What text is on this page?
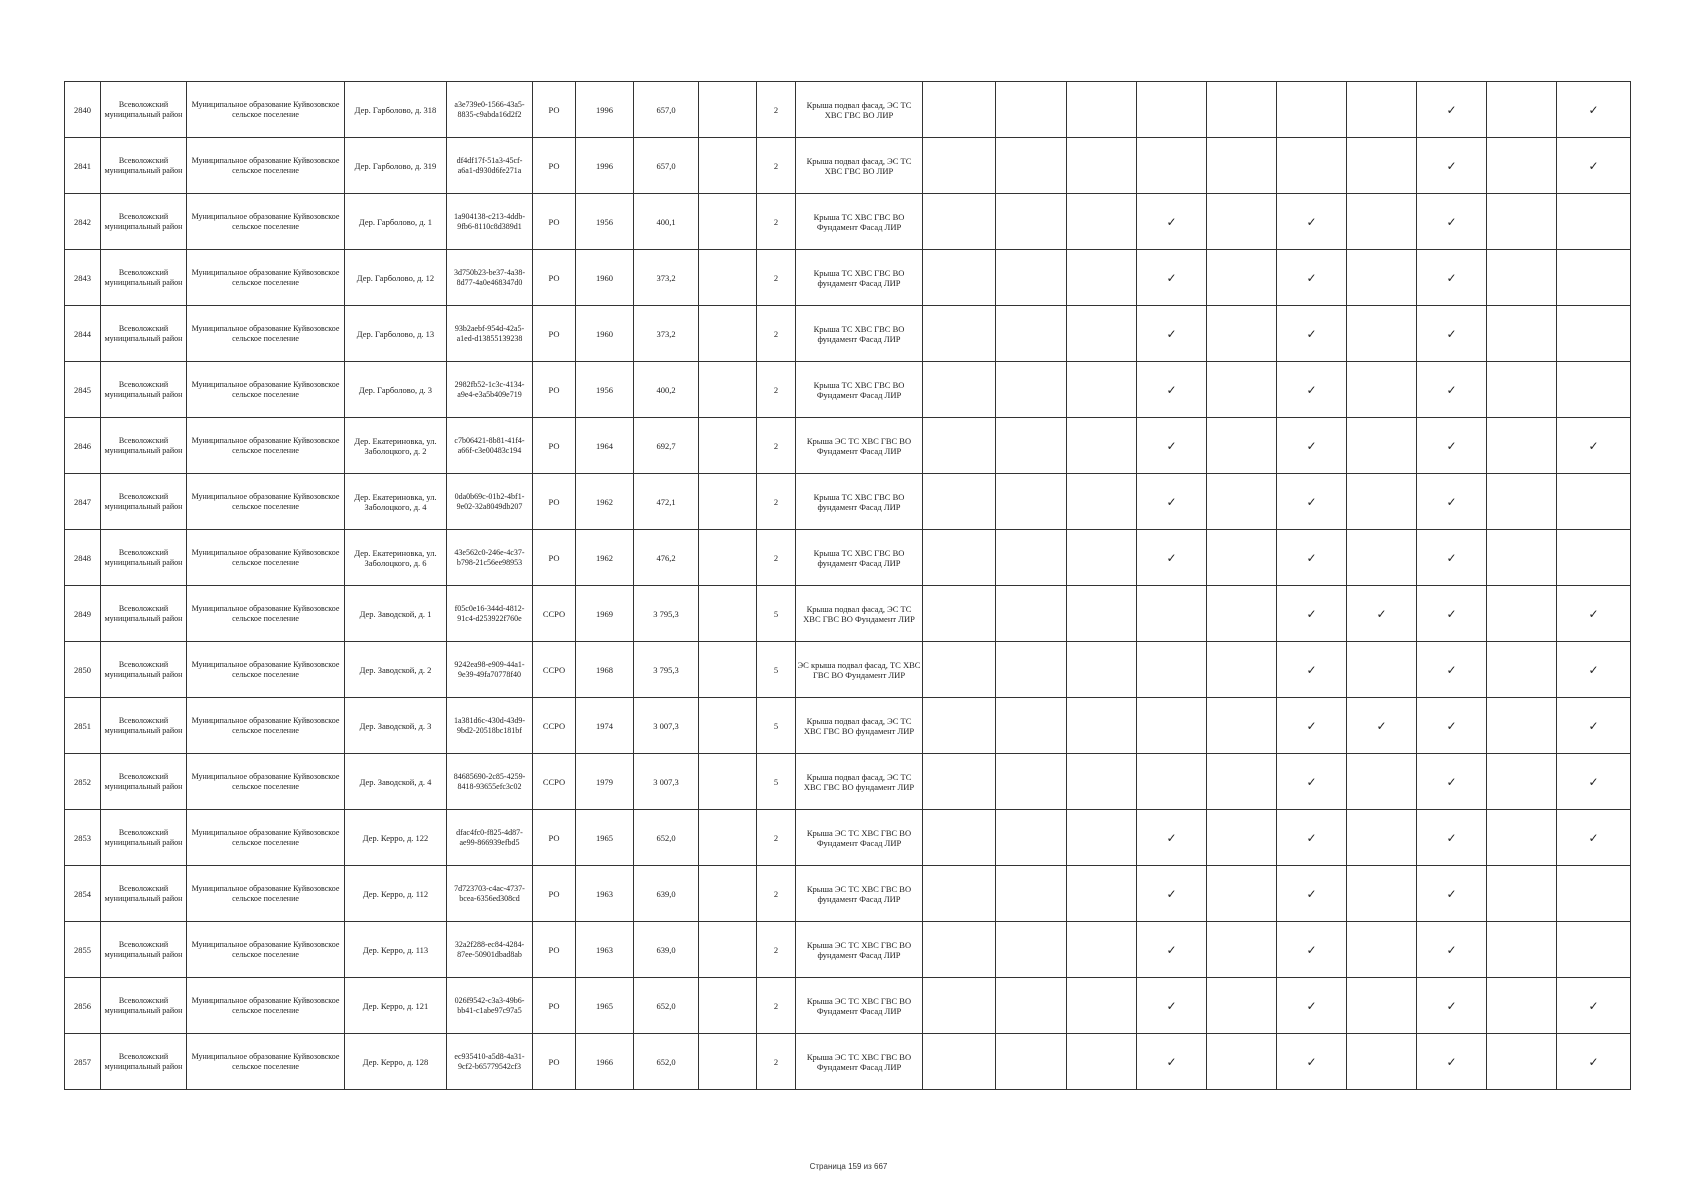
2840	Всеволожский муниципальный район	Муниципальное образование Куйвозовское сельское поселение	Дер. Гарболово, д. 318	a3e739e0-1566-43a5-8835-c9abda16d2f2	РО	1996	657,0		2	Крыша подвал фасад, ЭС ТС ХВС ГВС ВО ЛИР								✓		✓
2841	Всеволожский муниципальный район	Муниципальное образование Куйвозовское сельское поселение	Дер. Гарболово, д. 319	df4df17f-51a3-45cf-a6a1-d930d6fe271a	РО	1996	657,0		2	Крыша подвал фасад, ЭС ТС ХВС ГВС ВО ЛИР								✓		✓
2842	Всеволожский муниципальный район	Муниципальное образование Куйвозовское сельское поселение	Дер. Гарболово, д. 1	1a904138-c213-4ddb-9fb6-8110c8d389d1	РО	1956	400,1		2	Крыша ТС ХВС ГВС ВО Фундамент Фасад ЛИР				✓		✓		✓		
2843	Всеволожский муниципальный район	Муниципальное образование Куйвозовское сельское поселение	Дер. Гарболово, д. 12	3d750b23-be37-4a38-8d77-4a0e468347d0	РО	1960	373,2		2	Крыша ТС ХВС ГВС ВО фундамент Фасад ЛИР				✓		✓		✓		
2844	Всеволожский муниципальный район	Муниципальное образование Куйвозовское сельское поселение	Дер. Гарболово, д. 13	93b2aebf-954d-42a5-a1ed-d13855139238	РО	1960	373,2		2	Крыша ТС ХВС ГВС ВО фундамент Фасад ЛИР				✓		✓		✓		
2845	Всеволожский муниципальный район	Муниципальное образование Куйвозовское сельское поселение	Дер. Гарболово, д. 3	2982fb52-1c3c-4134-a9e4-e3a5b409e719	РО	1956	400,2		2	Крыша ТС ХВС ГВС ВО Фундамент Фасад ЛИР				✓		✓		✓		
2846	Всеволожский муниципальный район	Муниципальное образование Куйвозовское сельское поселение	Дер. Екатериновка, ул. Заболоцкого, д. 2	c7b06421-8b81-41f4-a66f-c3e00483c194	РО	1964	692,7		2	Крыша ЭС ТС ХВС ГВС ВО Фундамент Фасад ЛИР				✓		✓		✓		✓
2847	Всеволожский муниципальный район	Муниципальное образование Куйвозовское сельское поселение	Дер. Екатериновка, ул. Заболоцкого, д. 4	0da0b69c-01b2-4bf1-9e02-32a8049db207	РО	1962	472,1		2	Крыша ТС ХВС ГВС ВО фундамент Фасад ЛИР				✓		✓		✓		
2848	Всеволожский муниципальный район	Муниципальное образование Куйвозовское сельское поселение	Дер. Екатериновка, ул. Заболоцкого, д. 6	43e562c0-246e-4c37-b798-21c56ee98953	РО	1962	476,2		2	Крыша ТС ХВС ГВС ВО фундамент Фасад ЛИР				✓		✓		✓		
2849	Всеволожский муниципальный район	Муниципальное образование Куйвозовское сельское поселение	Дер. Заводской, д. 1	f05c0e16-344d-4812-91c4-d253922f760e	ССРО	1969	3 795,3		5	Крыша подвал фасад, ЭС ТС ХВС ГВС ВО Фундамент ЛИР						✓	✓	✓		✓
2850	Всеволожский муниципальный район	Муниципальное образование Куйвозовское сельское поселение	Дер. Заводской, д. 2	9242ea98-e909-44a1-9e39-49fa70778f40	ССРО	1968	3 795,3		5	ЭС крыша подвал фасад, ТС ХВС ГВС ВО Фундамент ЛИР						✓		✓		✓
2851	Всеволожский муниципальный район	Муниципальное образование Куйвозовское сельское поселение	Дер. Заводской, д. 3	1a381d6c-430d-43d9-9bd2-20518bc181bf	ССРО	1974	3 007,3		5	Крыша подвал фасад, ЭС ТС ХВС ГВС ВО фундамент ЛИР						✓	✓	✓		✓
2852	Всеволожский муниципальный район	Муниципальное образование Куйвозовское сельское поселение	Дер. Заводской, д. 4	84685690-2c85-4259-8418-93655efc3c02	ССРО	1979	3 007,3		5	Крыша подвал фасад, ЭС ТС ХВС ГВС ВО фундамент ЛИР						✓		✓		✓
2853	Всеволожский муниципальный район	Муниципальное образование Куйвозовское сельское поселение	Дер. Керро, д. 122	dfac4fc0-f825-4d87-ae99-866939efbd5	РО	1965	652,0		2	Крыша ЭС ТС ХВС ГВС ВО Фундамент Фасад ЛИР				✓		✓		✓		✓
2854	Всеволожский муниципальный район	Муниципальное образование Куйвозовское сельское поселение	Дер. Керро, д. 112	7d723703-c4ac-4737-bcea-6356ed308cd	РО	1963	639,0		2	Крыша ЭС ТС ХВС ГВС ВО фундамент Фасад ЛИР				✓		✓		✓		
2855	Всеволожский муниципальный район	Муниципальное образование Куйвозовское сельское поселение	Дер. Керро, д. 113	32a2f288-ec84-4284-87ee-50901dbad8ab	РО	1963	639,0		2	Крыша ЭС ТС ХВС ГВС ВО фундамент Фасад ЛИР				✓		✓		✓		
2856	Всеволожский муниципальный район	Муниципальное образование Куйвозовское сельское поселение	Дер. Керро, д. 121	026f9542-c3a3-49b6-bb41-c1abe97c97a5	РО	1965	652,0		2	Крыша ЭС ТС ХВС ГВС ВО Фундамент Фасад ЛИР				✓		✓		✓		✓
2857	Всеволожский муниципальный район	Муниципальное образование Куйвозовское сельское поселение	Дер. Керро, д. 128	ec935410-a5d8-4a31-9cf2-b65779542cf3	РО	1966	652,0		2	Крыша ЭС ТС ХВС ГВС ВО Фундамент Фасад ЛИР				✓		✓		✓		✓
Страница 159 из 667
